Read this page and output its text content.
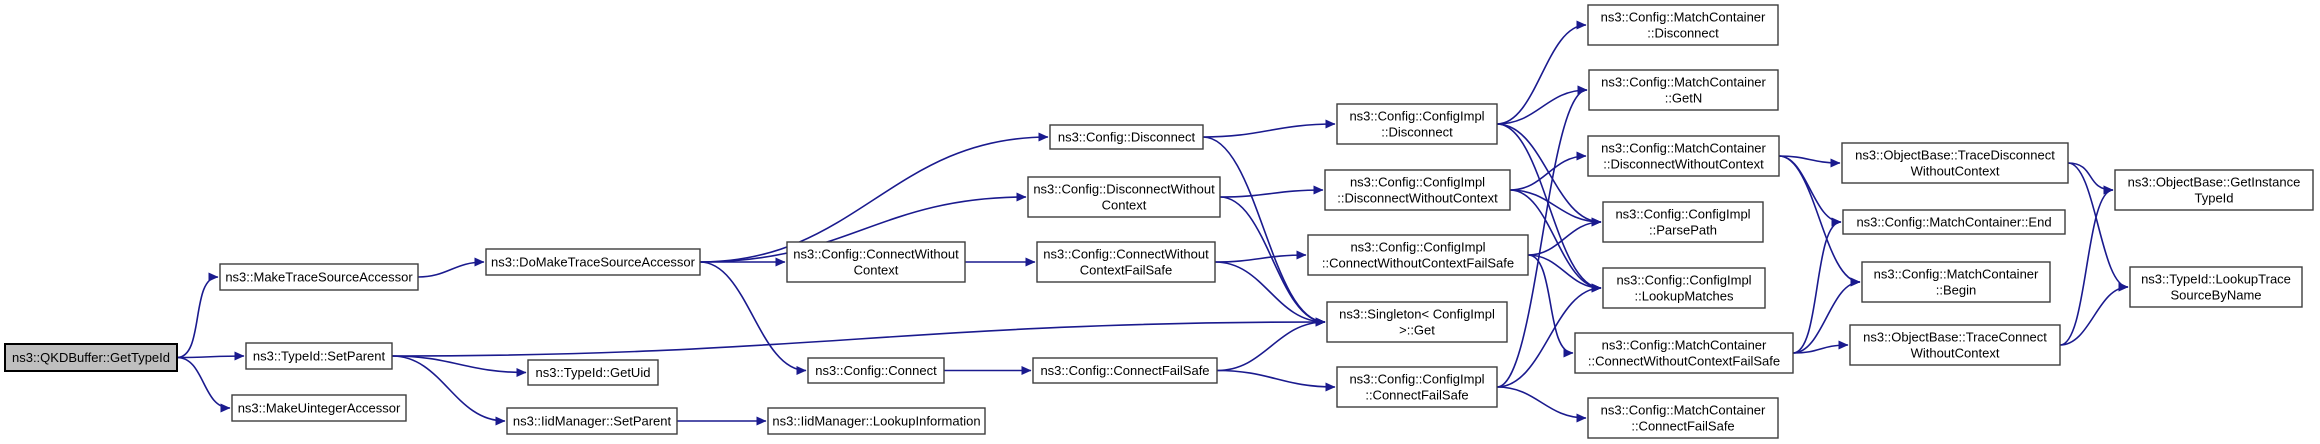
ns3::QKDBuffer::GetTypeId
ns3::MakeTraceSourceAccessor
ns3::TypeId::SetParent
ns3::MakeUintegerAccessor
ns3::DoMakeTraceSourceAccessor
ns3::TypeId::GetUid
ns3::IidManager::SetParent	ns3::IidManager::LookupInformation
ns3::Config::Disconnect
ns3::Config::DisconnectWithout Context
ns3::Config::ConnectWithout Context
ns3::Config::ConnectWithout ContextFailSafe
ns3::Config::Connect	ns3::Config::ConnectFailSafe
ns3::Config::ConfigImpl ::Disconnect
ns3::Config::ConfigImpl ::DisconnectWithoutContext
ns3::Config::ConfigImpl ::ConnectWithoutContextFailSafe
ns3::Singleton< ConfigImpl >::Get
ns3::Config::ConfigImpl ::ConnectFailSafe
ns3::Config::MatchContainer ::Disconnect
ns3::Config::MatchContainer ::GetN
ns3::Config::MatchContainer ::DisconnectWithoutContext
ns3::Config::ConfigImpl ::ParsePath
ns3::Config::ConfigImpl ::LookupMatches
ns3::Config::MatchContainer ::ConnectWithoutContextFailSafe
ns3::Config::MatchContainer ::ConnectFailSafe
ns3::ObjectBase::TraceDisconnect WithoutContext
ns3::Config::MatchContainer::End
ns3::Config::MatchContainer ::Begin
ns3::ObjectBase::TraceConnect WithoutContext
ns3::ObjectBase::GetInstance TypeId
ns3::TypeId::LookupTrace SourceByName
